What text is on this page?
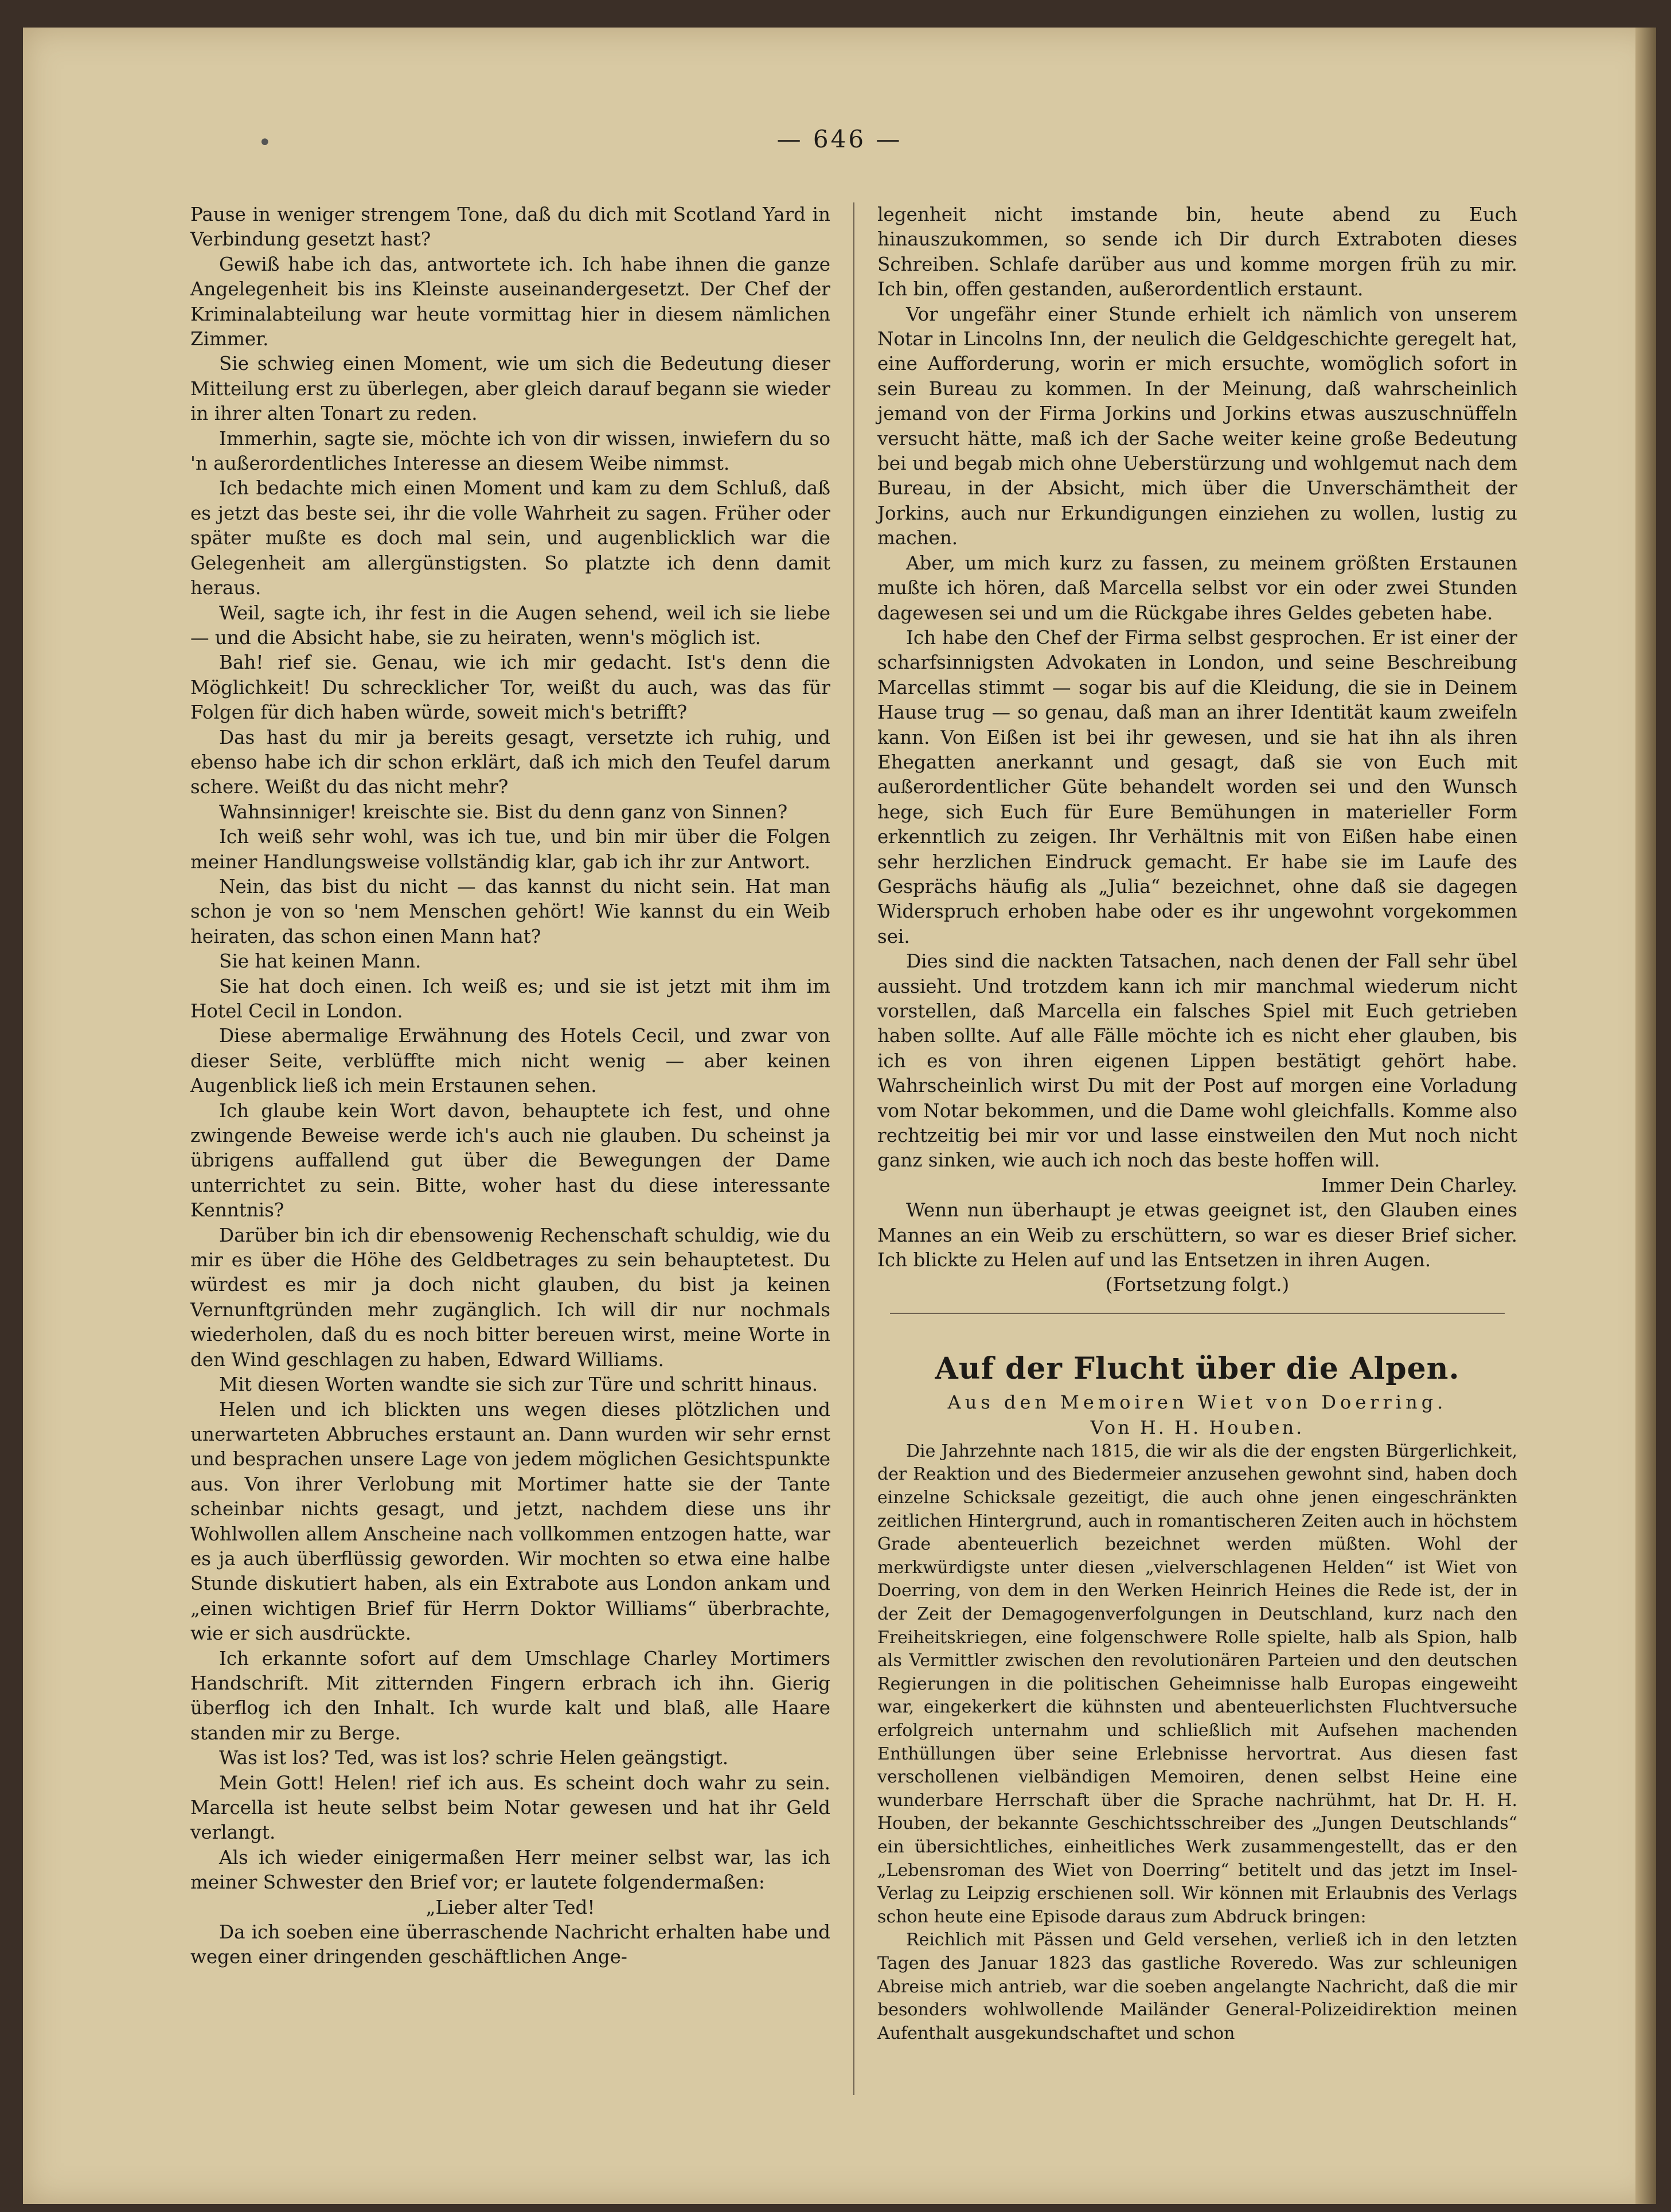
•	— 646 —

Pause in weniger strengem Tone, daß du dich mit Scotland Yard in Verbindung gesetzt hast?

Gewiß habe ich das, antwortete ich. Ich habe ihnen die ganze Angelegenheit bis ins Kleinste auseinandergesetzt. Der Chef der Kriminalabteilung war heute vormittag hier in diesem nämlichen Zimmer.

Sie schwieg einen Moment, wie um sich die Bedeutung dieser Mitteilung erst zu überlegen, aber gleich darauf begann sie wieder in ihrer alten Tonart zu reden.

Immerhin, sagte sie, möchte ich von dir wissen, inwiefern du so 'n außerordentliches Interesse an diesem Weibe nimmst.

Ich bedachte mich einen Moment und kam zu dem Schluß, daß es jetzt das beste sei, ihr die volle Wahrheit zu sagen. Früher oder später mußte es doch mal sein, und augenblicklich war die Gelegenheit am allergünstigsten. So platzte ich denn damit heraus.

Weil, sagte ich, ihr fest in die Augen sehend, weil ich sie liebe — und die Absicht habe, sie zu heiraten, wenn's möglich ist.

Bah! rief sie. Genau, wie ich mir gedacht. Ist's denn die Möglichkeit! Du schrecklicher Tor, weißt du auch, was das für Folgen für dich haben würde, soweit mich's betrifft?

Das hast du mir ja bereits gesagt, versetzte ich ruhig, und ebenso habe ich dir schon erklärt, daß ich mich den Teufel darum schere. Weißt du das nicht mehr?

Wahnsinniger! kreischte sie. Bist du denn ganz von Sinnen?

Ich weiß sehr wohl, was ich tue, und bin mir über die Folgen meiner Handlungsweise vollständig klar, gab ich ihr zur Antwort.

Nein, das bist du nicht — das kannst du nicht sein. Hat man schon je von so 'nem Menschen gehört! Wie kannst du ein Weib heiraten, das schon einen Mann hat?

Sie hat keinen Mann.

Sie hat doch einen. Ich weiß es; und sie ist jetzt mit ihm im Hotel Cecil in London.

Diese abermalige Erwähnung des Hotels Cecil, und zwar von dieser Seite, verblüffte mich nicht wenig — aber keinen Augenblick ließ ich mein Erstaunen sehen.

Ich glaube kein Wort davon, behauptete ich fest, und ohne zwingende Beweise werde ich's auch nie glauben. Du scheinst ja übrigens auffallend gut über die Bewegungen der Dame unterrichtet zu sein. Bitte, woher hast du diese interessante Kenntnis?

Darüber bin ich dir ebensowenig Rechenschaft schuldig, wie du mir es über die Höhe des Geldbetrages zu sein behauptetest. Du würdest es mir ja doch nicht glauben, du bist ja keinen Vernunftgründen mehr zugänglich. Ich will dir nur nochmals wiederholen, daß du es noch bitter bereuen wirst, meine Worte in den Wind geschlagen zu haben, Edward Williams.

Mit diesen Worten wandte sie sich zur Türe und schritt hinaus.

Helen und ich blickten uns wegen dieses plötzlichen und unerwarteten Abbruches erstaunt an. Dann wurden wir sehr ernst und besprachen unsere Lage von jedem möglichen Gesichtspunkte aus. Von ihrer Verlobung mit Mortimer hatte sie der Tante scheinbar nichts gesagt, und jetzt, nachdem diese uns ihr Wohlwollen allem Anscheine nach vollkommen entzogen hatte, war es ja auch überflüssig geworden. Wir mochten so etwa eine halbe Stunde diskutiert haben, als ein Extrabote aus London ankam und „einen wichtigen Brief für Herrn Doktor Williams“ überbrachte, wie er sich ausdrückte.

Ich erkannte sofort auf dem Umschlage Charley Mortimers Handschrift. Mit zitternden Fingern erbrach ich ihn. Gierig überflog ich den Inhalt. Ich wurde kalt und blaß, alle Haare standen mir zu Berge.

Was ist los? Ted, was ist los? schrie Helen geängstigt.

Mein Gott! Helen! rief ich aus. Es scheint doch wahr zu sein. Marcella ist heute selbst beim Notar gewesen und hat ihr Geld verlangt.

Als ich wieder einigermaßen Herr meiner selbst war, las ich meiner Schwester den Brief vor; er lautete folgendermaßen:

„Lieber alter Ted!

Da ich soeben eine überraschende Nachricht erhalten habe und wegen einer dringenden geschäftlichen Ange-

legenheit nicht imstande bin, heute abend zu Euch hinauszukommen, so sende ich Dir durch Extraboten dieses Schreiben. Schlafe darüber aus und komme morgen früh zu mir. Ich bin, offen gestanden, außerordentlich erstaunt.

Vor ungefähr einer Stunde erhielt ich nämlich von unserem Notar in Lincolns Inn, der neulich die Geldgeschichte geregelt hat, eine Aufforderung, worin er mich ersuchte, womöglich sofort in sein Bureau zu kommen. In der Meinung, daß wahrscheinlich jemand von der Firma Jorkins und Jorkins etwas auszuschnüffeln versucht hätte, maß ich der Sache weiter keine große Bedeutung bei und begab mich ohne Ueberstürzung und wohlgemut nach dem Bureau, in der Absicht, mich über die Unverschämtheit der Jorkins, auch nur Erkundigungen einziehen zu wollen, lustig zu machen.

Aber, um mich kurz zu fassen, zu meinem größten Erstaunen mußte ich hören, daß Marcella selbst vor ein oder zwei Stunden dagewesen sei und um die Rückgabe ihres Geldes gebeten habe.

Ich habe den Chef der Firma selbst gesprochen. Er ist einer der scharfsinnigsten Advokaten in London, und seine Beschreibung Marcellas stimmt — sogar bis auf die Kleidung, die sie in Deinem Hause trug — so genau, daß man an ihrer Identität kaum zweifeln kann. Von Eißen ist bei ihr gewesen, und sie hat ihn als ihren Ehegatten anerkannt und gesagt, daß sie von Euch mit außerordentlicher Güte behandelt worden sei und den Wunsch hege, sich Euch für Eure Bemühungen in materieller Form erkenntlich zu zeigen. Ihr Verhältnis mit von Eißen habe einen sehr herzlichen Eindruck gemacht. Er habe sie im Laufe des Gesprächs häufig als „Julia“ bezeichnet, ohne daß sie dagegen Widerspruch erhoben habe oder es ihr ungewohnt vorgekommen sei.

Dies sind die nackten Tatsachen, nach denen der Fall sehr übel aussieht. Und trotzdem kann ich mir manchmal wiederum nicht vorstellen, daß Marcella ein falsches Spiel mit Euch getrieben haben sollte. Auf alle Fälle möchte ich es nicht eher glauben, bis ich es von ihren eigenen Lippen bestätigt gehört habe. Wahrscheinlich wirst Du mit der Post auf morgen eine Vorladung vom Notar bekommen, und die Dame wohl gleichfalls. Komme also rechtzeitig bei mir vor und lasse einstweilen den Mut noch nicht ganz sinken, wie auch ich noch das beste hoffen will.

Immer Dein Charley.

Wenn nun überhaupt je etwas geeignet ist, den Glauben eines Mannes an ein Weib zu erschüttern, so war es dieser Brief sicher. Ich blickte zu Helen auf und las Entsetzen in ihren Augen.

(Fortsetzung folgt.)

Auf der Flucht über die Alpen.

Aus den Memoiren Wiet von Doerring.

Von H. H. Houben.

Die Jahrzehnte nach 1815, die wir als die der engsten Bürgerlichkeit, der Reaktion und des Biedermeier anzusehen gewohnt sind, haben doch einzelne Schicksale gezeitigt, die auch ohne jenen eingeschränkten zeitlichen Hintergrund, auch in romantischeren Zeiten auch in höchstem Grade abenteuerlich bezeichnet werden müßten. Wohl der merkwürdigste unter diesen „vielverschlagenen Helden“ ist Wiet von Doerring, von dem in den Werken Heinrich Heines die Rede ist, der in der Zeit der Demagogenverfolgungen in Deutschland, kurz nach den Freiheitskriegen, eine folgenschwere Rolle spielte, halb als Spion, halb als Vermittler zwischen den revolutionären Parteien und den deutschen Regierungen in die politischen Geheimnisse halb Europas eingeweiht war, eingekerkert die kühnsten und abenteuerlichsten Fluchtversuche erfolgreich unternahm und schließlich mit Aufsehen machenden Enthüllungen über seine Erlebnisse hervortrat. Aus diesen fast verschollenen vielbändigen Memoiren, denen selbst Heine eine wunderbare Herrschaft über die Sprache nachrühmt, hat Dr. H. H. Houben, der bekannte Geschichtsschreiber des „Jungen Deutschlands“ ein übersichtliches, einheitliches Werk zusammengestellt, das er den „Lebensroman des Wiet von Doerring“ betitelt und das jetzt im Insel-Verlag zu Leipzig erschienen soll. Wir können mit Erlaubnis des Verlags schon heute eine Episode daraus zum Abdruck bringen:

Reichlich mit Pässen und Geld versehen, verließ ich in den letzten Tagen des Januar 1823 das gastliche Roveredo. Was zur schleunigen Abreise mich antrieb, war die soeben angelangte Nachricht, daß die mir besonders wohlwollende Mailänder General-Polizeidirektion meinen Aufenthalt ausgekundschaftet und schon
